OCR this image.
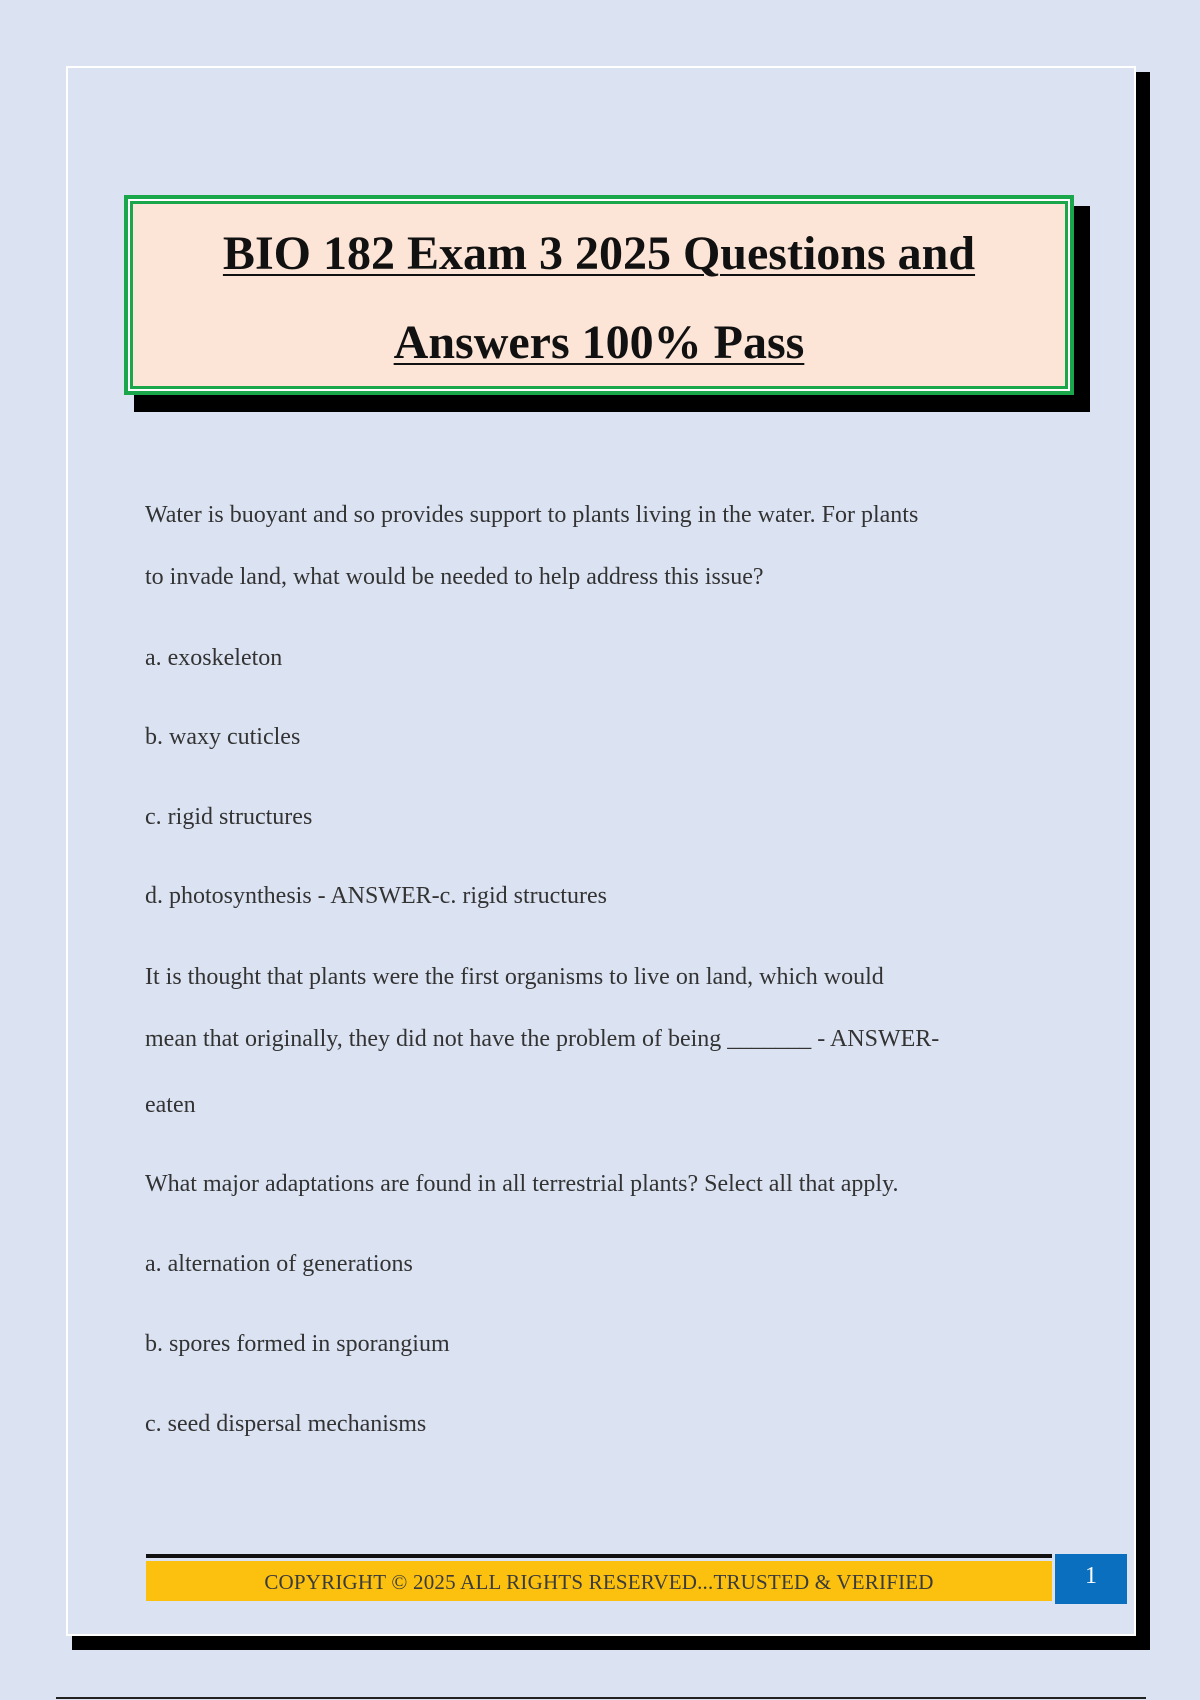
BIO 182 Exam 3 2025 Questions and Answers 100% Pass
Water is buoyant and so provides support to plants living in the water. For plants
to invade land, what would be needed to help address this issue?
a. exoskeleton
b. waxy cuticles
c. rigid structures
d. photosynthesis - ANSWER-c. rigid structures
It is thought that plants were the first organisms to live on land, which would
mean that originally, they did not have the problem of being _______ - ANSWER-
eaten
What major adaptations are found in all terrestrial plants? Select all that apply.
a. alternation of generations
b. spores formed in sporangium
c. seed dispersal mechanisms
COPYRIGHT © 2025 ALL RIGHTS RESERVED...TRUSTED & VERIFIED	1
